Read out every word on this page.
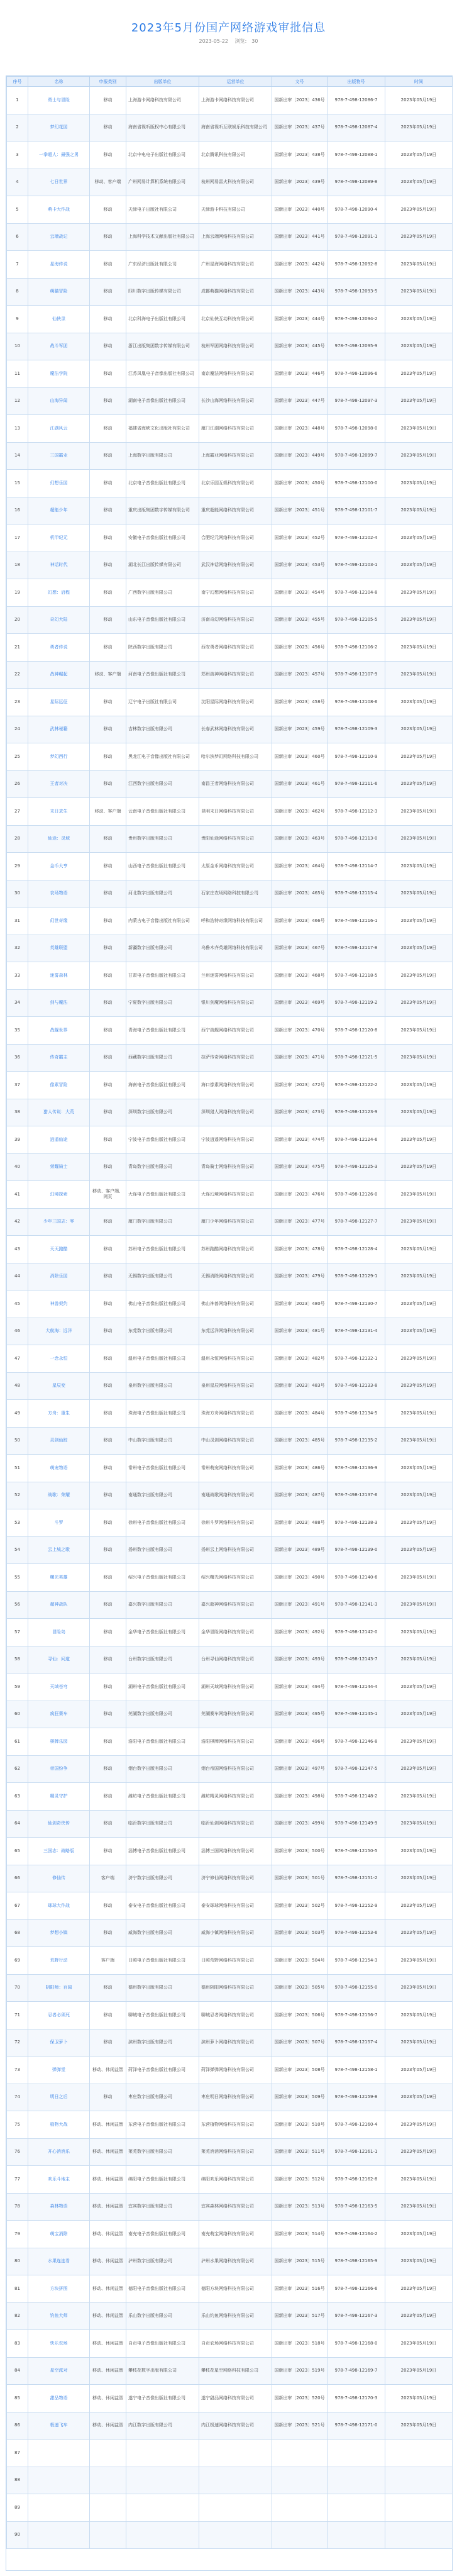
2023年5月份国产网络游戏审批信息
2023-05-22 浏览: 30
序号	名称	申报类别	出版单位	运营单位	文号	出版物号	时间
1	勇士与冒险	移动	上海游卡网络科技有限公司	上海游卡网络科技有限公司	国新出审〔2023〕436号	978-7-498-12086-7	2023年05月19日
2	梦幻花园	移动	海南省视听版权中心有限公司	海南省视听互联娱乐科技有限公司	国新出审〔2023〕437号	978-7-498-12087-4	2023年05月19日
3	一拳超人：最强之男	移动	北京中电电子出版社有限公司	北京腾讯科技有限公司	国新出审〔2023〕438号	978-7-498-12088-1	2023年05月19日
4	七日世界	移动、客户端	广州网易计算机系统有限公司	杭州网易雷火科技有限公司	国新出审〔2023〕439号	978-7-498-12089-8	2023年05月19日
5	萌卡大作战	移动	天津电子出版社有限公司	天津游卡科技有限公司	国新出审〔2023〕440号	978-7-498-12090-4	2023年05月19日
6	云端战记	移动	上海科学技术文献出版社有限公司	上海云端网络科技有限公司	国新出审〔2023〕441号	978-7-498-12091-1	2023年05月19日
7	星海传说	移动	广东经济出版社有限公司	广州星海网络科技有限公司	国新出审〔2023〕442号	978-7-498-12092-8	2023年05月19日
8	萌猫冒险	移动	四川数字出版传媒有限公司	成都萌猫网络科技有限公司	国新出审〔2023〕443号	978-7-498-12093-5	2023年05月19日
9	仙侠录	移动	北京科海电子出版社有限公司	北京仙侠互动科技有限公司	国新出审〔2023〕444号	978-7-498-12094-2	2023年05月19日
10	战斗军团	移动	浙江出版集团数字传媒有限公司	杭州军团网络科技有限公司	国新出审〔2023〕445号	978-7-498-12095-9	2023年05月19日
11	魔法学院	移动	江苏凤凰电子音像出版社有限公司	南京魔法网络科技有限公司	国新出审〔2023〕446号	978-7-498-12096-6	2023年05月19日
12	山海异闻	移动	湖南电子音像出版社有限公司	长沙山海网络科技有限公司	国新出审〔2023〕447号	978-7-498-12097-3	2023年05月19日
13	江湖风云	移动	福建省海峡文化出版社有限公司	厦门江湖网络科技有限公司	国新出审〔2023〕448号	978-7-498-12098-0	2023年05月19日
14	三国霸业	移动	上海数字出版有限公司	上海霸业网络科技有限公司	国新出审〔2023〕449号	978-7-498-12099-7	2023年05月19日
15	幻想乐园	移动	北京电子音像出版社有限公司	北京乐园互娱科技有限公司	国新出审〔2023〕450号	978-7-498-12100-0	2023年05月19日
16	超能少年	移动	重庆出版集团数字传媒有限公司	重庆超能网络科技有限公司	国新出审〔2023〕451号	978-7-498-12101-7	2023年05月19日
17	机甲纪元	移动	安徽电子音像出版社有限公司	合肥纪元网络科技有限公司	国新出审〔2023〕452号	978-7-498-12102-4	2023年05月19日
18	神话时代	移动	湖北长江出版传媒有限公司	武汉神话网络科技有限公司	国新出审〔2023〕453号	978-7-498-12103-1	2023年05月19日
19	幻想：启程	移动	广西数字出版有限公司	南宁幻想网络科技有限公司	国新出审〔2023〕454号	978-7-498-12104-8	2023年05月19日
20	奇幻大陆	移动	山东电子音像出版社有限公司	济南奇幻网络科技有限公司	国新出审〔2023〕455号	978-7-498-12105-5	2023年05月19日
21	勇者传说	移动	陕西数字出版有限公司	西安勇者网络科技有限公司	国新出审〔2023〕456号	978-7-498-12106-2	2023年05月19日
22	战神崛起	移动、客户端	河南电子音像出版社有限公司	郑州战神网络科技有限公司	国新出审〔2023〕457号	978-7-498-12107-9	2023年05月19日
23	星际远征	移动	辽宁电子出版社有限公司	沈阳星际网络科技有限公司	国新出审〔2023〕458号	978-7-498-12108-6	2023年05月19日
24	武林秘籍	移动	吉林数字出版有限公司	长春武林网络科技有限公司	国新出审〔2023〕459号	978-7-498-12109-3	2023年05月19日
25	梦幻西行	移动	黑龙江电子音像出版社有限公司	哈尔滨梦幻网络科技有限公司	国新出审〔2023〕460号	978-7-498-12110-9	2023年05月19日
26	王者对决	移动	江西数字出版有限公司	南昌王者网络科技有限公司	国新出审〔2023〕461号	978-7-498-12111-6	2023年05月19日
27	末日求生	移动、客户端	云南电子音像出版社有限公司	昆明末日网络科技有限公司	国新出审〔2023〕462号	978-7-498-12112-3	2023年05月19日
28	仙途：灵域	移动	贵州数字出版有限公司	贵阳仙途网络科技有限公司	国新出审〔2023〕463号	978-7-498-12113-0	2023年05月19日
29	金币大亨	移动	山西电子音像出版社有限公司	太原金币网络科技有限公司	国新出审〔2023〕464号	978-7-498-12114-7	2023年05月19日
30	农场物语	移动	河北数字出版有限公司	石家庄农场网络科技有限公司	国新出审〔2023〕465号	978-7-498-12115-4	2023年05月19日
31	幻世奇缘	移动	内蒙古电子音像出版社有限公司	呼和浩特奇缘网络科技有限公司	国新出审〔2023〕466号	978-7-498-12116-1	2023年05月19日
32	英雄联盟	移动	新疆数字出版有限公司	乌鲁木齐英雄网络科技有限公司	国新出审〔2023〕467号	978-7-498-12117-8	2023年05月19日
33	迷雾森林	移动	甘肃电子音像出版社有限公司	兰州迷雾网络科技有限公司	国新出审〔2023〕468号	978-7-498-12118-5	2023年05月19日
34	剑与魔法	移动	宁夏数字出版有限公司	银川剑魔网络科技有限公司	国新出审〔2023〕469号	978-7-498-12119-2	2023年05月19日
35	战舰世界	移动	青海电子音像出版社有限公司	西宁战舰网络科技有限公司	国新出审〔2023〕470号	978-7-498-12120-8	2023年05月19日
36	传奇霸主	移动	西藏数字出版有限公司	拉萨传奇网络科技有限公司	国新出审〔2023〕471号	978-7-498-12121-5	2023年05月19日
37	像素冒险	移动	海南电子音像出版社有限公司	海口像素网络科技有限公司	国新出审〔2023〕472号	978-7-498-12122-2	2023年05月19日
38	猎人传说：大荒	移动	深圳数字出版有限公司	深圳猎人网络科技有限公司	国新出审〔2023〕473号	978-7-498-12123-9	2023年05月19日
39	逍遥仙途	移动	宁波电子音像出版社有限公司	宁波逍遥网络科技有限公司	国新出审〔2023〕474号	978-7-498-12124-6	2023年05月19日
40	荣耀骑士	移动	青岛数字出版有限公司	青岛骑士网络科技有限公司	国新出审〔2023〕475号	978-7-498-12125-3	2023年05月19日
41	幻境探索	移动、客户端、网页	大连电子音像出版社有限公司	大连幻境网络科技有限公司	国新出审〔2023〕476号	978-7-498-12126-0	2023年05月19日
42	少年三国志：零	移动	厦门数字出版有限公司	厦门少年网络科技有限公司	国新出审〔2023〕477号	978-7-498-12127-7	2023年05月19日
43	天天跑酷	移动	苏州电子音像出版社有限公司	苏州跑酷网络科技有限公司	国新出审〔2023〕478号	978-7-498-12128-4	2023年05月19日
44	消除乐园	移动	无锡数字出版有限公司	无锡消除网络科技有限公司	国新出审〔2023〕479号	978-7-498-12129-1	2023年05月19日
45	神兽契约	移动	佛山电子音像出版社有限公司	佛山神兽网络科技有限公司	国新出审〔2023〕480号	978-7-498-12130-7	2023年05月19日
46	大航海：远洋	移动	东莞数字出版有限公司	东莞远洋网络科技有限公司	国新出审〔2023〕481号	978-7-498-12131-4	2023年05月19日
47	一念永恒	移动	温州电子音像出版社有限公司	温州永恒网络科技有限公司	国新出审〔2023〕482号	978-7-498-12132-1	2023年05月19日
48	星辰变	移动	泉州数字出版有限公司	泉州星辰网络科技有限公司	国新出审〔2023〕483号	978-7-498-12133-8	2023年05月19日
49	方舟：重生	移动	珠海电子音像出版社有限公司	珠海方舟网络科技有限公司	国新出审〔2023〕484号	978-7-498-12134-5	2023年05月19日
50	灵剑仙踪	移动	中山数字出版有限公司	中山灵剑网络科技有限公司	国新出审〔2023〕485号	978-7-498-12135-2	2023年05月19日
51	萌宠物语	移动	常州电子音像出版社有限公司	常州萌宠网络科技有限公司	国新出审〔2023〕486号	978-7-498-12136-9	2023年05月19日
52	战歌：荣耀	移动	南通数字出版有限公司	南通战歌网络科技有限公司	国新出审〔2023〕487号	978-7-498-12137-6	2023年05月19日
53	斗罗	移动	徐州电子音像出版社有限公司	徐州斗罗网络科技有限公司	国新出审〔2023〕488号	978-7-498-12138-3	2023年05月19日
54	云上城之歌	移动	扬州数字出版有限公司	扬州云上网络科技有限公司	国新出审〔2023〕489号	978-7-498-12139-0	2023年05月19日
55	曙光英雄	移动	绍兴电子音像出版社有限公司	绍兴曙光网络科技有限公司	国新出审〔2023〕490号	978-7-498-12140-6	2023年05月19日
56	超神战队	移动	嘉兴数字出版有限公司	嘉兴超神网络科技有限公司	国新出审〔2023〕491号	978-7-498-12141-3	2023年05月19日
57	冒险岛	移动	金华电子音像出版社有限公司	金华冒险网络科技有限公司	国新出审〔2023〕492号	978-7-498-12142-0	2023年05月19日
58	寻仙：问道	移动	台州数字出版有限公司	台州寻仙网络科技有限公司	国新出审〔2023〕493号	978-7-498-12143-7	2023年05月19日
59	天域苍穹	移动	湖州电子音像出版社有限公司	湖州天域网络科技有限公司	国新出审〔2023〕494号	978-7-498-12144-4	2023年05月19日
60	疯狂赛车	移动	芜湖数字出版有限公司	芜湖赛车网络科技有限公司	国新出审〔2023〕495号	978-7-498-12145-1	2023年05月19日
61	棋牌乐园	移动	洛阳电子音像出版社有限公司	洛阳棋牌网络科技有限公司	国新出审〔2023〕496号	978-7-498-12146-8	2023年05月19日
62	帝国纷争	移动	烟台数字出版有限公司	烟台帝国网络科技有限公司	国新出审〔2023〕497号	978-7-498-12147-5	2023年05月19日
63	精灵守护	移动	潍坊电子音像出版社有限公司	潍坊精灵网络科技有限公司	国新出审〔2023〕498号	978-7-498-12148-2	2023年05月19日
64	仙剑奇侠传	移动	临沂数字出版有限公司	临沂仙剑网络科技有限公司	国新出审〔2023〕499号	978-7-498-12149-9	2023年05月19日
65	三国志：战略版	移动	淄博电子音像出版社有限公司	淄博三国网络科技有限公司	国新出审〔2023〕500号	978-7-498-12150-5	2023年05月19日
66	修仙传	客户端	济宁数字出版有限公司	济宁修仙网络科技有限公司	国新出审〔2023〕501号	978-7-498-12151-2	2023年05月19日
67	球球大作战	移动	泰安电子音像出版社有限公司	泰安球球网络科技有限公司	国新出审〔2023〕502号	978-7-498-12152-9	2023年05月19日
68	梦想小镇	移动	威海数字出版有限公司	威海小镇网络科技有限公司	国新出审〔2023〕503号	978-7-498-12153-6	2023年05月19日
69	荒野行动	客户端	日照电子音像出版社有限公司	日照荒野网络科技有限公司	国新出审〔2023〕504号	978-7-498-12154-3	2023年05月19日
70	阴阳师：百闻	移动	德州数字出版有限公司	德州阴阳网络科技有限公司	国新出审〔2023〕505号	978-7-498-12155-0	2023年05月19日
71	忍者必须死	移动	聊城电子音像出版社有限公司	聊城忍者网络科技有限公司	国新出审〔2023〕506号	978-7-498-12156-7	2023年05月19日
72	保卫萝卜	移动	滨州数字出版有限公司	滨州萝卜网络科技有限公司	国新出审〔2023〕507号	978-7-498-12157-4	2023年05月19日
73	弹弹堂	移动、休闲益智	菏泽电子音像出版社有限公司	菏泽弹弹网络科技有限公司	国新出审〔2023〕508号	978-7-498-12158-1	2023年05月19日
74	明日之后	移动	枣庄数字出版有限公司	枣庄明日网络科技有限公司	国新出审〔2023〕509号	978-7-498-12159-8	2023年05月19日
75	植物大战	移动、休闲益智	东营电子音像出版社有限公司	东营植物网络科技有限公司	国新出审〔2023〕510号	978-7-498-12160-4	2023年05月19日
76	开心消消乐	移动、休闲益智	莱芜数字出版有限公司	莱芜消消网络科技有限公司	国新出审〔2023〕511号	978-7-498-12161-1	2023年05月19日
77	欢乐斗地主	移动、休闲益智	绵阳电子音像出版社有限公司	绵阳欢乐网络科技有限公司	国新出审〔2023〕512号	978-7-498-12162-8	2023年05月19日
78	森林物语	移动、休闲益智	宜宾数字出版有限公司	宜宾森林网络科技有限公司	国新出审〔2023〕513号	978-7-498-12163-5	2023年05月19日
79	萌宝消除	移动、休闲益智	南充电子音像出版社有限公司	南充萌宝网络科技有限公司	国新出审〔2023〕514号	978-7-498-12164-2	2023年05月19日
80	水果连连看	移动、休闲益智	泸州数字出版有限公司	泸州水果网络科技有限公司	国新出审〔2023〕515号	978-7-498-12165-9	2023年05月19日
81	方块拼图	移动、休闲益智	德阳电子音像出版社有限公司	德阳方块网络科技有限公司	国新出审〔2023〕516号	978-7-498-12166-6	2023年05月19日
82	钓鱼大师	移动、休闲益智	乐山数字出版有限公司	乐山钓鱼网络科技有限公司	国新出审〔2023〕517号	978-7-498-12167-3	2023年05月19日
83	快乐农场	移动、休闲益智	自贡电子音像出版社有限公司	自贡农场网络科技有限公司	国新出审〔2023〕518号	978-7-498-12168-0	2023年05月19日
84	星空派对	移动、休闲益智	攀枝花数字出版有限公司	攀枝花星空网络科技有限公司	国新出审〔2023〕519号	978-7-498-12169-7	2023年05月19日
85	甜品物语	移动、休闲益智	遂宁电子音像出版社有限公司	遂宁甜品网络科技有限公司	国新出审〔2023〕520号	978-7-498-12170-3	2023年05月19日
86	极速飞车	移动、休闲益智	内江数字出版有限公司	内江极速网络科技有限公司	国新出审〔2023〕521号	978-7-498-12171-0	2023年05月19日
87							
88							
89							
90							
